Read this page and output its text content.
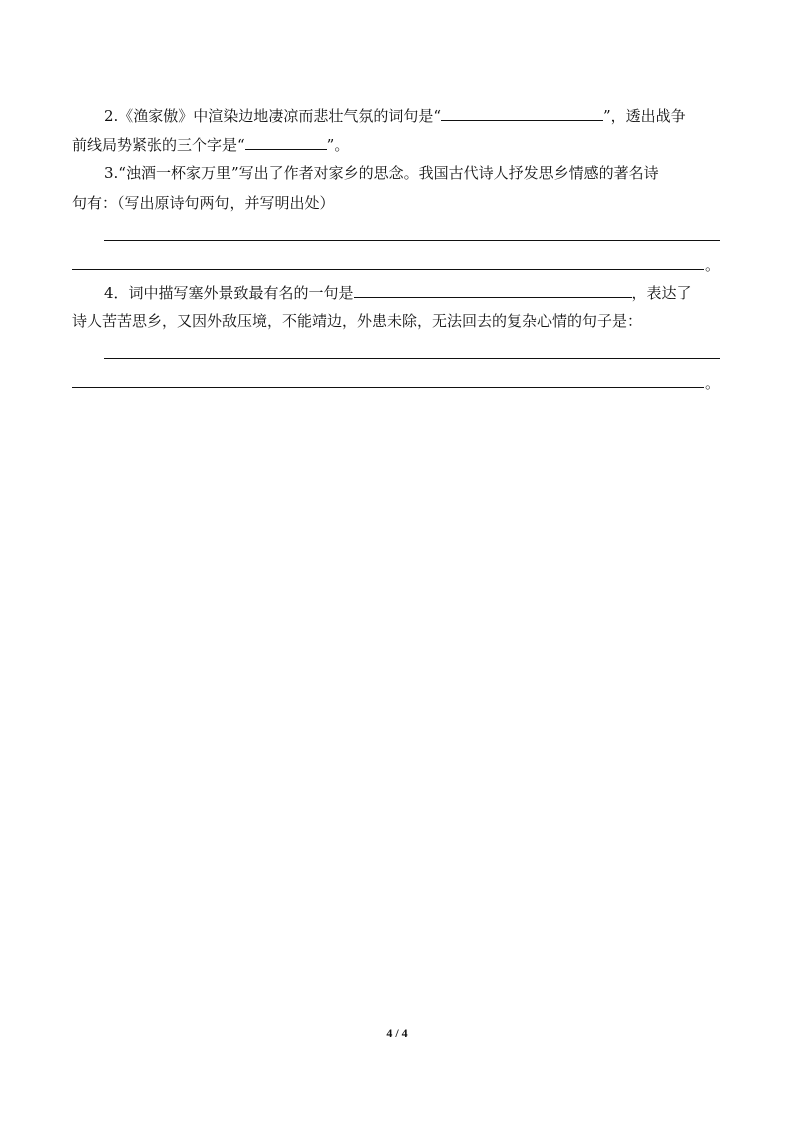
2.《渔家傲》中渲染边地凄凉而悲壮气氛的词句是“	”，透出战争
前线局势紧张的三个字是“	”。
3.“浊酒一杯家万里”写出了作者对家乡的思念。我国古代诗人抒发思乡情感的著名诗
句有：（写出原诗句两句，并写明出处）
。
4．词中描写塞外景致最有名的一句是	，表达了
诗人苦苦思乡，又因外敌压境，不能靖边，外患未除，无法回去的复杂心情的句子是：
。
4 / 4
